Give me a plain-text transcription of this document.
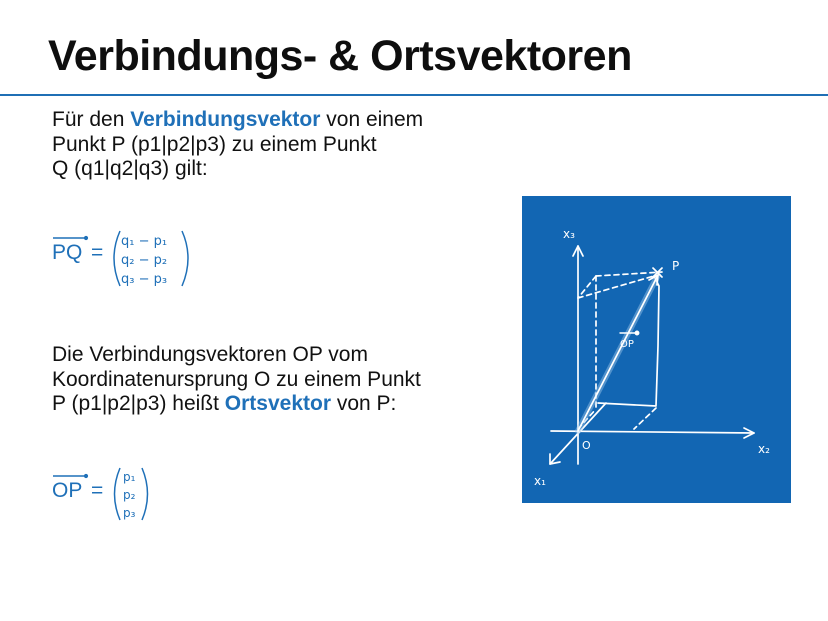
Verbindungs- & Ortsvektoren

Für den Verbindungsvektor von einem
Punkt P (p1|p2|p3) zu einem Punkt
Q (q1|q2|q3) gilt:

PQ = q₁ − p₁
q₂ − p₂
q₃ − p₃

Die Verbindungsvektoren OP vom
Koordinatenursprung O zu einem Punkt
P (p1|p2|p3) heißt Ortsvektor von P:

OP =
p₁
p₂
p₃
x₃
x₂
x₁
O
P
OP
